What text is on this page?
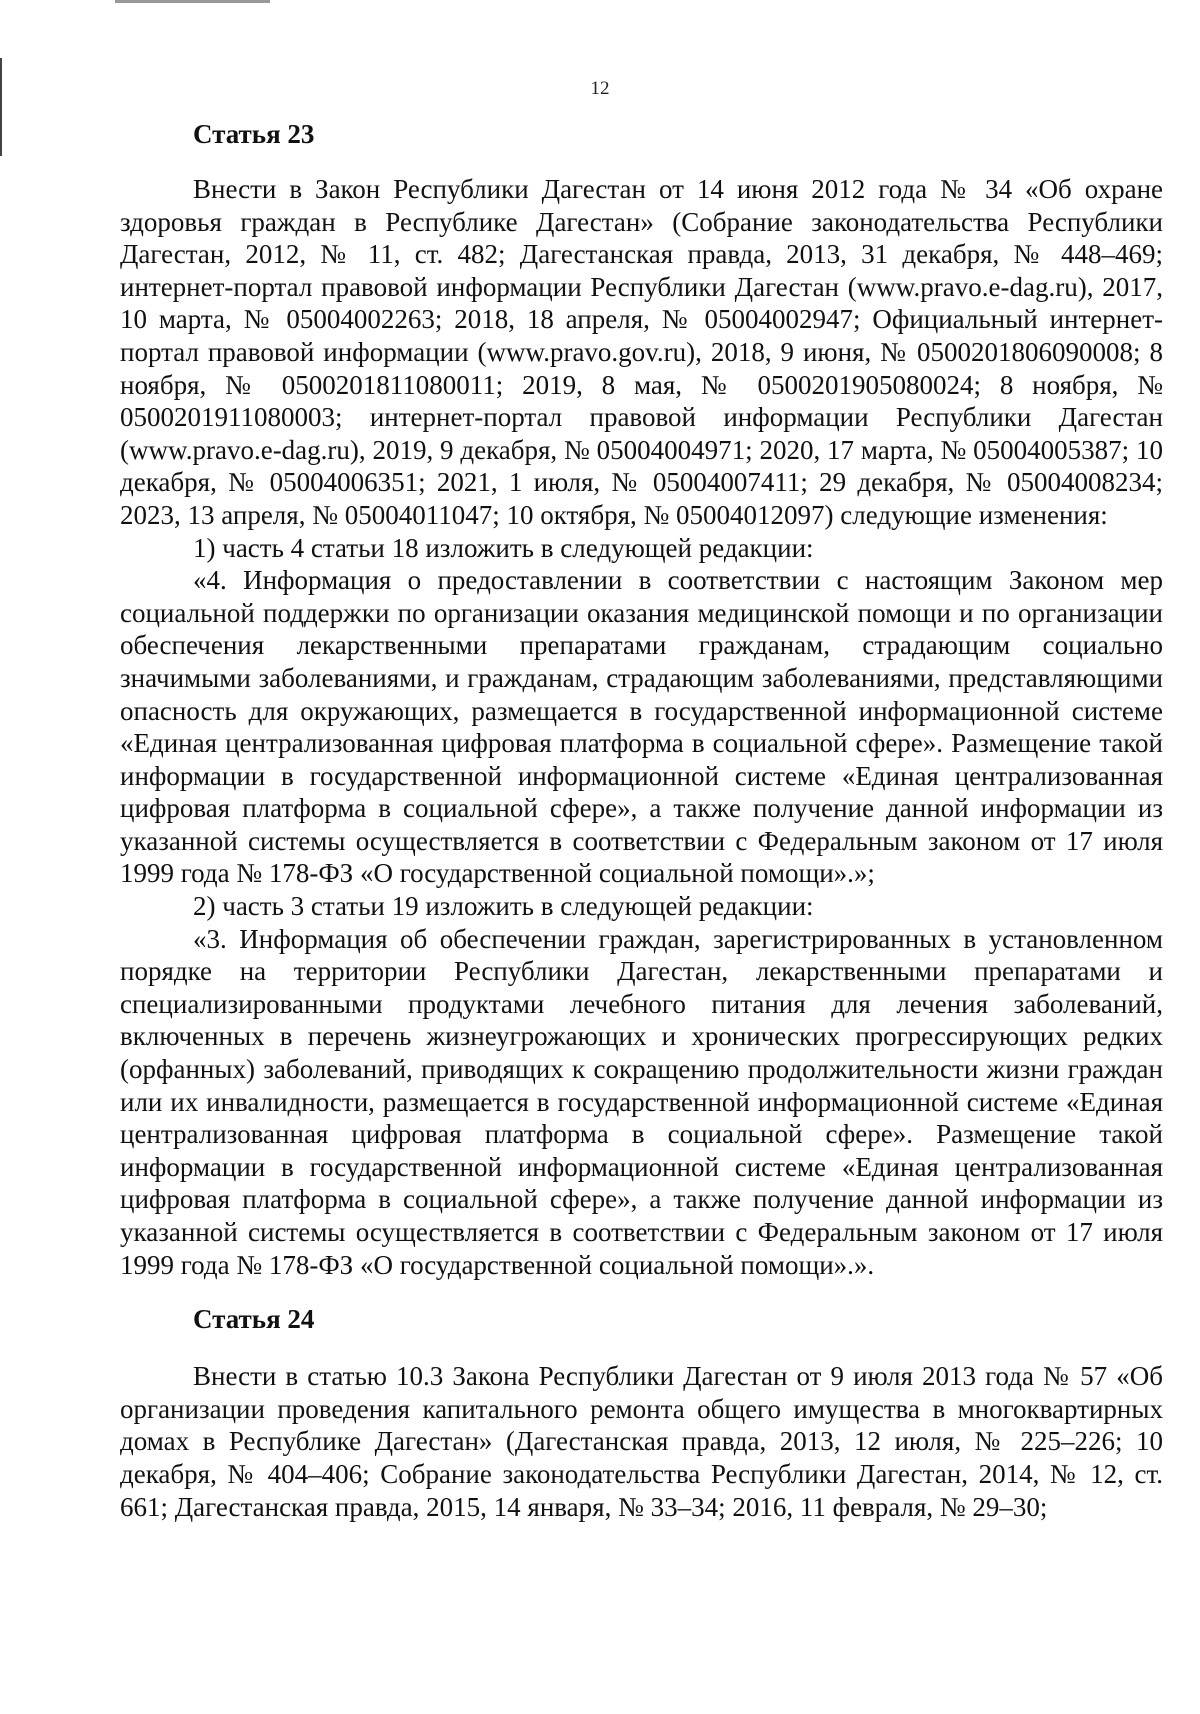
12

Статья 23

Внести в Закон Республики Дагестан от 14 июня 2012 года № 34 «Об охране здоровья граждан в Республике Дагестан» (Собрание законодательства Республики Дагестан, 2012, № 11, ст. 482; Дагестанская правда, 2013, 31 декабря, № 448–469; интернет-портал правовой информации Республики Дагестан (www.pravo.e-dag.ru), 2017, 10 марта, № 05004002263; 2018, 18 апреля, № 05004002947; Официальный интернет-портал правовой информации (www.pravo.gov.ru), 2018, 9 июня, № 0500201806090008; 8 ноября, № 0500201811080011; 2019, 8 мая, № 0500201905080024; 8 ноября, № 0500201911080003; интернет-портал правовой информации Республики Дагестан (www.pravo.e-dag.ru), 2019, 9 декабря, № 05004004971; 2020, 17 марта, № 05004005387; 10 декабря, № 05004006351; 2021, 1 июля, № 05004007411; 29 декабря, № 05004008234; 2023, 13 апреля, № 05004011047; 10 октября, № 05004012097) следующие изменения:

1) часть 4 статьи 18 изложить в следующей редакции:

«4. Информация о предоставлении в соответствии с настоящим Законом мер социальной поддержки по организации оказания медицинской помощи и по организации обеспечения лекарственными препаратами гражданам, страдающим социально значимыми заболеваниями, и гражданам, страдающим заболеваниями, представляющими опасность для окружающих, размещается в государственной информационной системе «Единая централизованная цифровая платформа в социальной сфере». Размещение такой информации в государственной информационной системе «Единая централизованная цифровая платформа в социальной сфере», а также получение данной информации из указанной системы осуществляется в соответствии с Федеральным законом от 17 июля 1999 года № 178-ФЗ «О государственной социальной помощи».»;

2) часть 3 статьи 19 изложить в следующей редакции:

«3. Информация об обеспечении граждан, зарегистрированных в установленном порядке на территории Республики Дагестан, лекарственными препаратами и специализированными продуктами лечебного питания для лечения заболеваний, включенных в перечень жизнеугрожающих и хронических прогрессирующих редких (орфанных) заболеваний, приводящих к сокращению продолжительности жизни граждан или их инвалидности, размещается в государственной информационной системе «Единая централизованная цифровая платформа в социальной сфере». Размещение такой информации в государственной информационной системе «Единая централизованная цифровая платформа в социальной сфере», а также получение данной информации из указанной системы осуществляется в соответствии с Федеральным законом от 17 июля 1999 года № 178-ФЗ «О государственной социальной помощи».».

Статья 24

Внести в статью 10.3 Закона Республики Дагестан от 9 июля 2013 года № 57 «Об организации проведения капитального ремонта общего имущества в многоквартирных домах в Республике Дагестан» (Дагестанская правда, 2013, 12 июля, № 225–226; 10 декабря, № 404–406; Собрание законодательства Республики Дагестан, 2014, № 12, ст. 661; Дагестанская правда, 2015, 14 января, № 33–34; 2016, 11 февраля, № 29–30;
